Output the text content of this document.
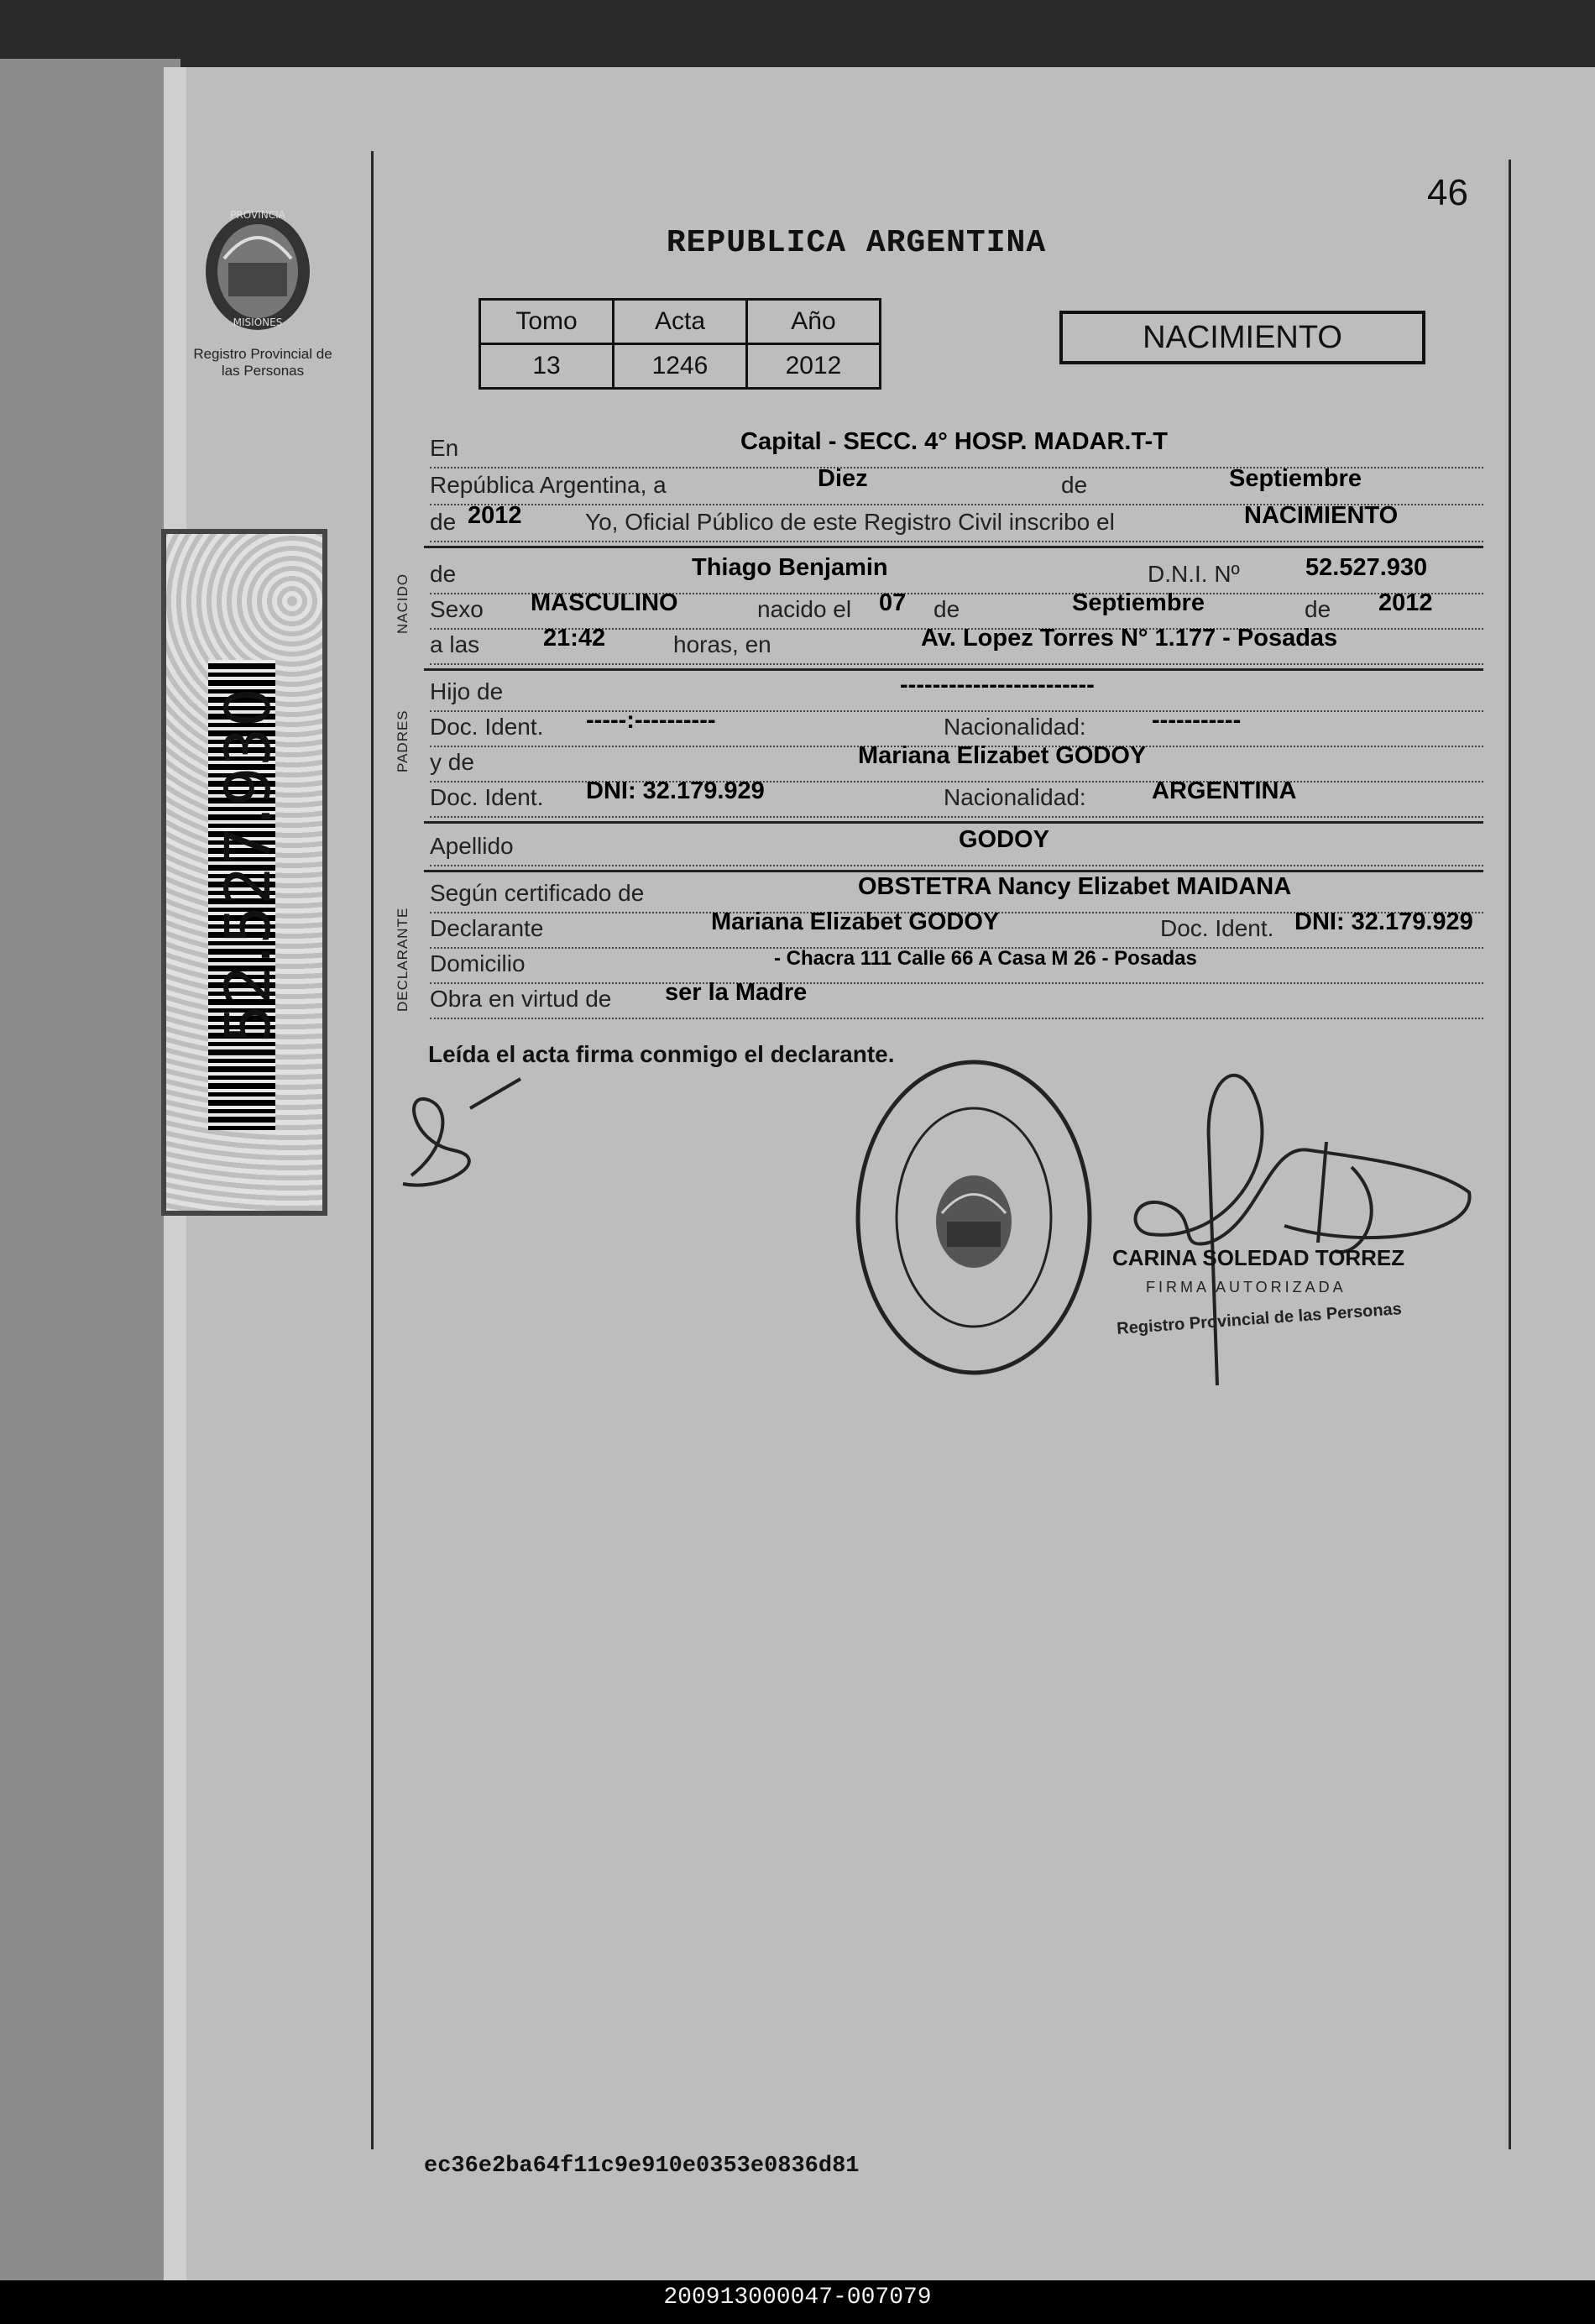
PROVINCIA
MISIONES
Registro Provincial de las Personas
52.527.930
46
REPUBLICA ARGENTINA
Tomo	Acta	Año
13	1246	2012
NACIMIENTO
En	Capital - SECC. 4° HOSP. MADAR.T-T
República Argentina, a	Diez	de	Septiembre
de 2012	Yo, Oficial Público de este Registro Civil inscribo el	NACIMIENTO
NACIDO de	Thiago Benjamin	D.N.I. Nº	52.527.930
Sexo MASCULINO	nacido el 07 de	Septiembre	de 2012
a las	21:42	horas, en	Av. Lopez Torres N° 1.177 - Posadas
PADRES
Hijo de	------------------------
Doc. Ident. -----:----------	Nacionalidad:	-----------
y de	Mariana Elizabet GODOY
Doc. Ident. DNI: 32.179.929	Nacionalidad:	ARGENTINA
Apellido	GODOY
DECLARANTE
Según certificado de	OBSTETRA Nancy Elizabet MAIDANA
Declarante	Mariana Elizabet GODOY	Doc. Ident. DNI: 32.179.929
Domicilio	- Chacra 111 Calle 66 A Casa M 26 - Posadas
Obra en virtud de ser la Madre
Leída el acta firma conmigo el declarante.
CARINA SOLEDAD TORREZ
FIRMA AUTORIZADA
Registro Provincial de las Personas
ec36e2ba64f11c9e910e0353e0836d81
200913000047-007079
